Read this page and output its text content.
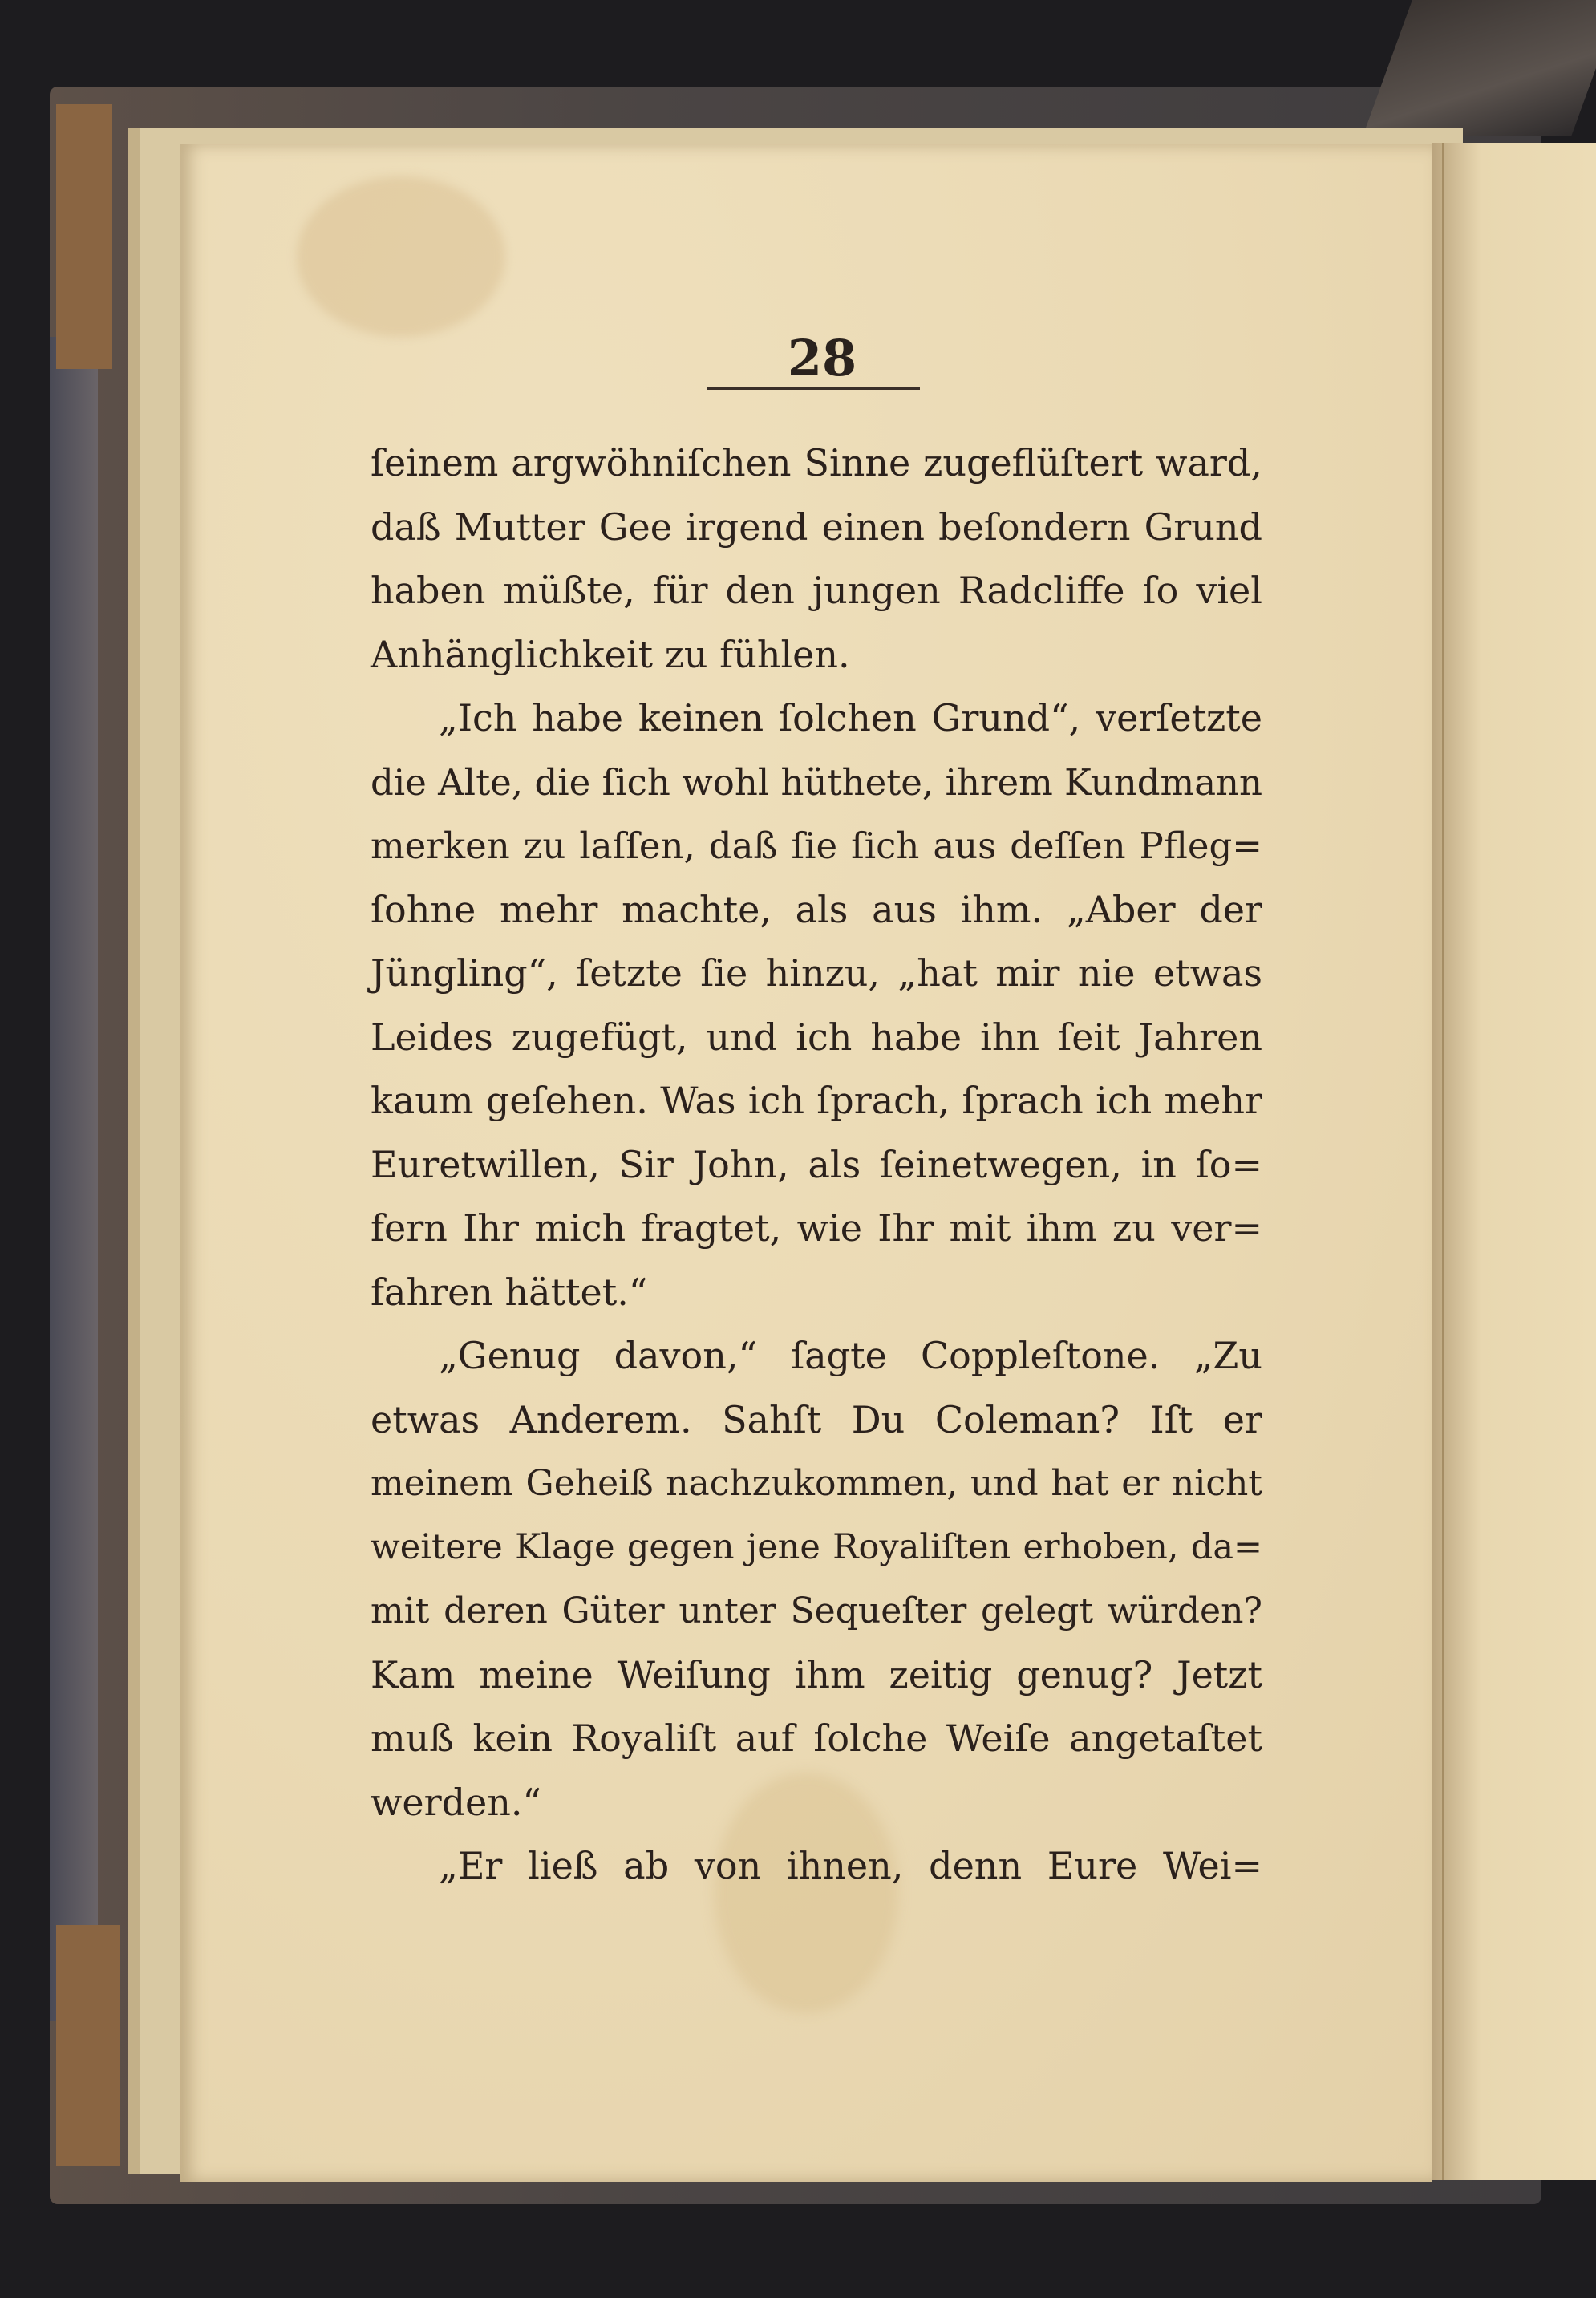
28
ſeinem argwöhniſchen Sinne zugeflüſtert ward,
daß Mutter Gee irgend einen beſondern Grund
haben müßte, für den jungen Radcliffe ſo viel
Anhänglichkeit zu fühlen.
„Ich habe keinen ſolchen Grund“, verſetzte
die Alte, die ſich wohl hüthete, ihrem Kundmann
merken zu laſſen, daß ſie ſich aus deſſen Pfleg=
ſohne mehr machte, als aus ihm. „Aber der
Jüngling“, ſetzte ſie hinzu, „hat mir nie etwas
Leides zugefügt, und ich habe ihn ſeit Jahren
kaum geſehen. Was ich ſprach, ſprach ich mehr
Euretwillen, Sir John, als ſeinetwegen, in ſo=
fern Ihr mich fragtet, wie Ihr mit ihm zu ver=
fahren hättet.“
„Genug davon,“ ſagte Coppleſtone. „Zu
etwas Anderem. Sahſt Du Coleman? Iſt er
meinem Geheiß nachzukommen, und hat er nicht
weitere Klage gegen jene Royaliſten erhoben, da=
mit deren Güter unter Sequeſter gelegt würden?
Kam meine Weiſung ihm zeitig genug? Jetzt
muß kein Royaliſt auf ſolche Weiſe angetaſtet
werden.“
„Er ließ ab von ihnen, denn Eure Wei=
